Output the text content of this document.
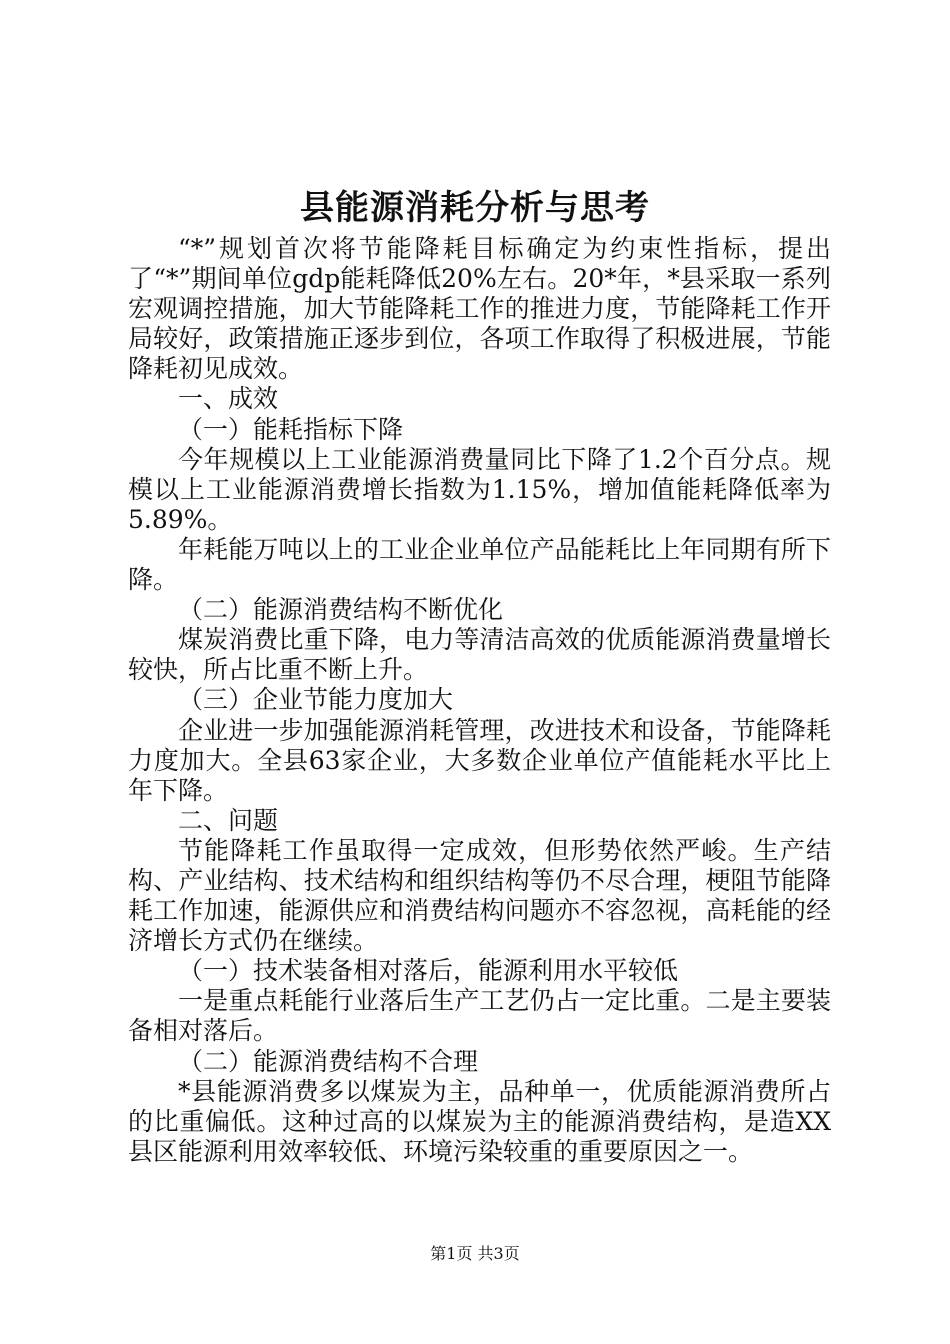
县能源消耗分析与思考

“*”规划首次将节能降耗目标确定为约束性指标，提出了“*”期间单位gdp能耗降低20%左右。20*年，*县采取一系列宏观调控措施，加大节能降耗工作的推进力度，节能降耗工作开局较好，政策措施正逐步到位，各项工作取得了积极进展，节能降耗初见成效。

一、成效

（一）能耗指标下降

今年规模以上工业能源消费量同比下降了1.2个百分点。规模以上工业能源消费增长指数为1.15%，增加值能耗降低率为5.89%。

年耗能万吨以上的工业企业单位产品能耗比上年同期有所下降。

（二）能源消费结构不断优化

煤炭消费比重下降，电力等清洁高效的优质能源消费量增长较快，所占比重不断上升。

（三）企业节能力度加大

企业进一步加强能源消耗管理，改进技术和设备，节能降耗力度加大。全县63家企业，大多数企业单位产值能耗水平比上年下降。

二、问题

节能降耗工作虽取得一定成效，但形势依然严峻。生产结构、产业结构、技术结构和组织结构等仍不尽合理，梗阻节能降耗工作加速，能源供应和消费结构问题亦不容忽视，高耗能的经济增长方式仍在继续。

（一）技术装备相对落后，能源利用水平较低

一是重点耗能行业落后生产工艺仍占一定比重。二是主要装备相对落后。

（二）能源消费结构不合理

*县能源消费多以煤炭为主，品种单一，优质能源消费所占的比重偏低。这种过高的以煤炭为主的能源消费结构，是造XX县区能源利用效率较低、环境污染较重的重要原因之一。

第1页 共3页
